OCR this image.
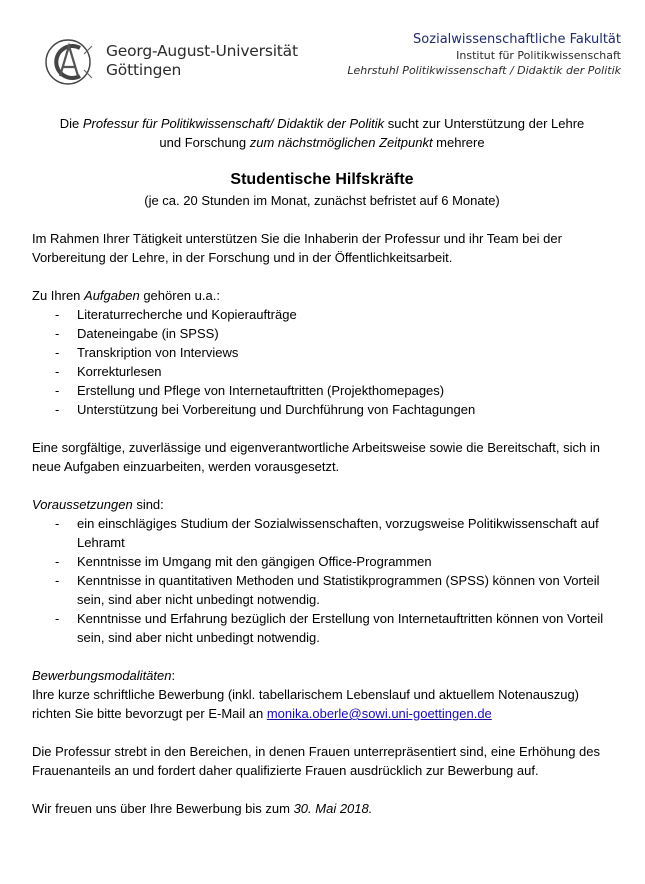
Georg-August-Universität
Göttingen
Sozialwissenschaftliche Fakultät
Institut für Politikwissenschaft
Lehrstuhl Politikwissenschaft / Didaktik der Politik

Die Professur für Politikwissenschaft/ Didaktik der Politik sucht zur Unterstützung der Lehre

und Forschung zum nächstmöglichen Zeitpunkt mehrere

Studentische Hilfskräfte

(je ca. 20 Stunden im Monat, zunächst befristet auf 6 Monate)

Im Rahmen Ihrer Tätigkeit unterstützen Sie die Inhaberin der Professur und ihr Team bei der Vorbereitung der Lehre, in der Forschung und in der Öffentlichkeitsarbeit.

Zu Ihren Aufgaben gehören u.a.:

- Literaturrecherche und Kopieraufträge
- Dateneingabe (in SPSS)
- Transkription von Interviews
- Korrekturlesen
- Erstellung und Pflege von Internetauftritten (Projekthomepages)
- Unterstützung bei Vorbereitung und Durchführung von Fachtagungen

Eine sorgfältige, zuverlässige und eigenverantwortliche Arbeitsweise sowie die Bereitschaft, sich in neue Aufgaben einzuarbeiten, werden vorausgesetzt.

Voraussetzungen sind:

- ein einschlägiges Studium der Sozialwissenschaften, vorzugsweise Politikwissenschaft auf Lehramt
- Kenntnisse im Umgang mit den gängigen Office-Programmen
- Kenntnisse in quantitativen Methoden und Statistikprogrammen (SPSS) können von Vorteil sein, sind aber nicht unbedingt notwendig.
- Kenntnisse und Erfahrung bezüglich der Erstellung von Internetauftritten können von Vorteil sein, sind aber nicht unbedingt notwendig.

Bewerbungsmodalitäten:

Ihre kurze schriftliche Bewerbung (inkl. tabellarischem Lebenslauf und aktuellem Notenauszug) richten Sie bitte bevorzugt per E-Mail an monika.oberle@sowi.uni-goettingen.de

Die Professur strebt in den Bereichen, in denen Frauen unterrepräsentiert sind, eine Erhöhung des Frauenanteils an und fordert daher qualifizierte Frauen ausdrücklich zur Bewerbung auf.

Wir freuen uns über Ihre Bewerbung bis zum 30. Mai 2018.
